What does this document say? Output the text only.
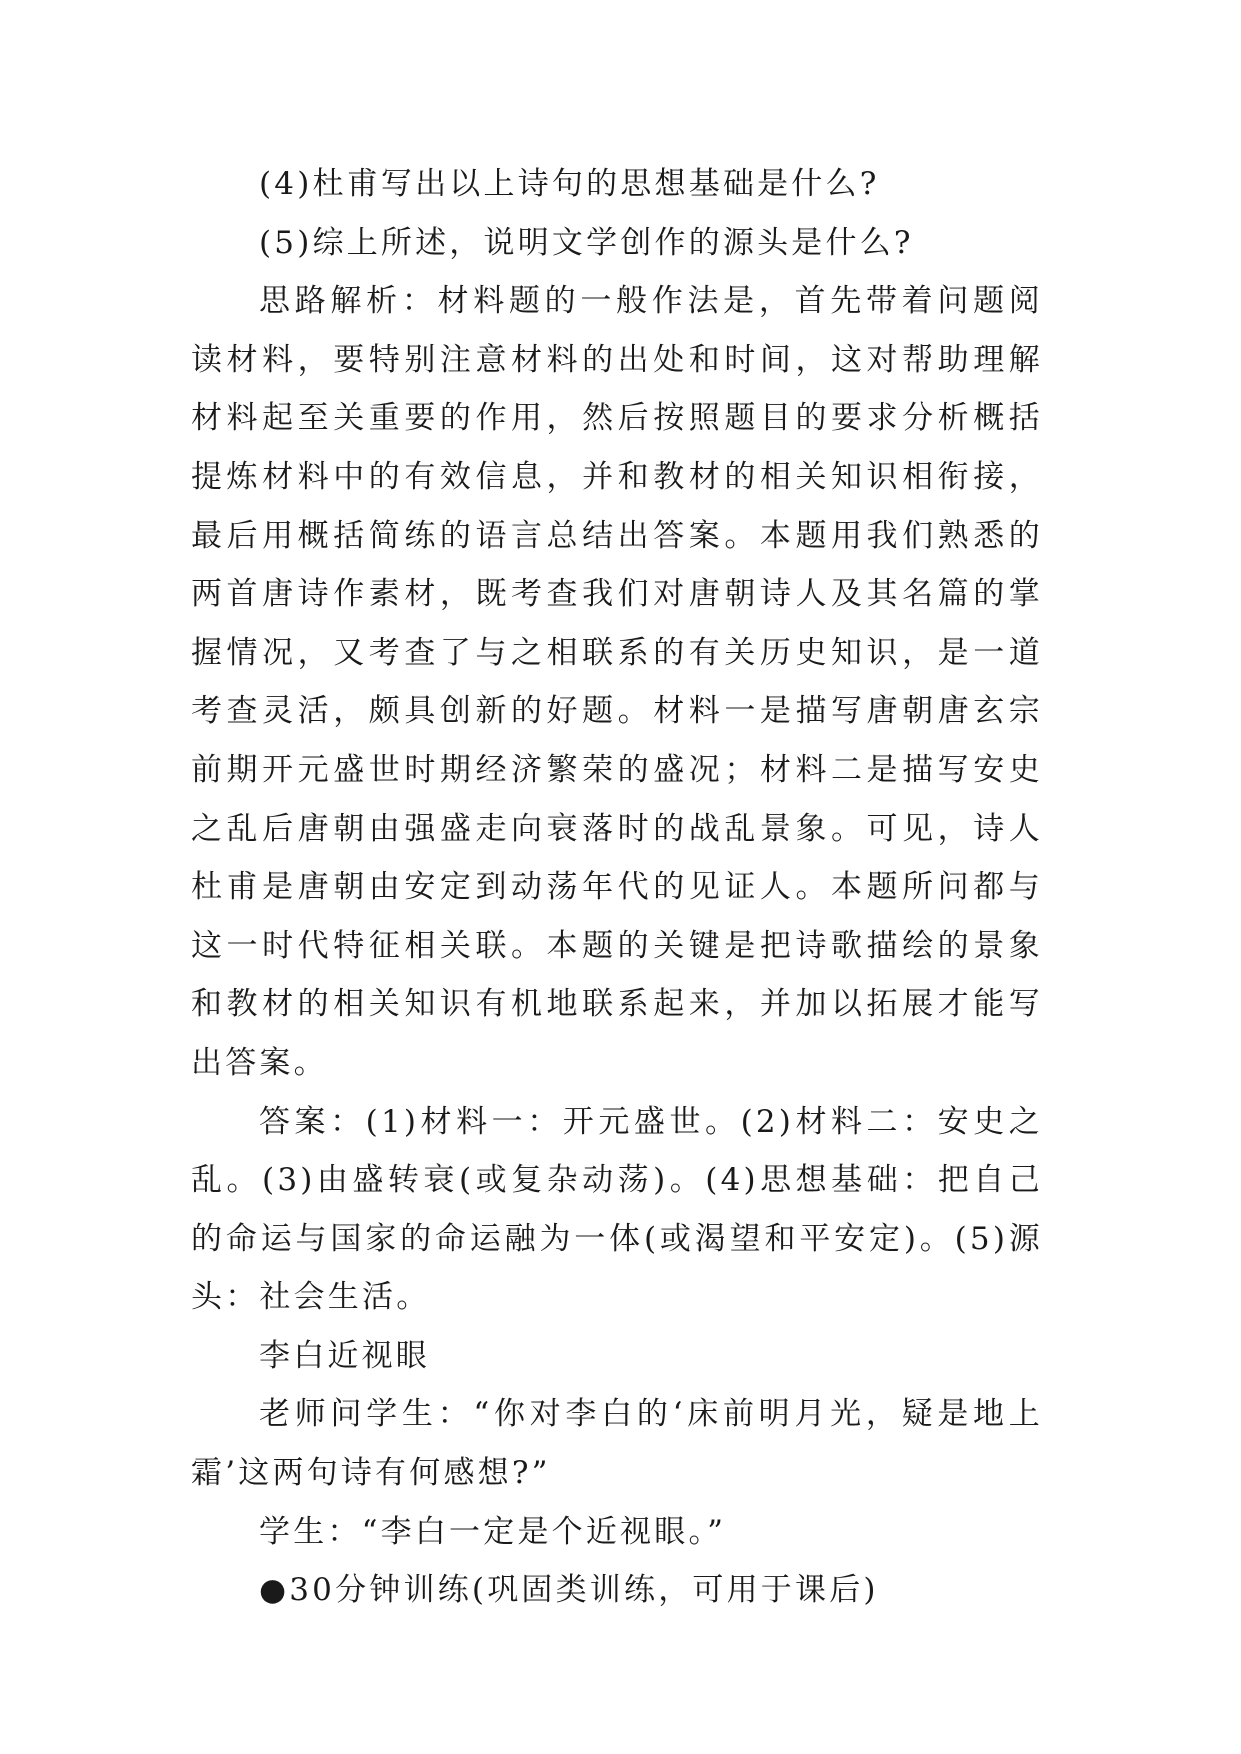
(4)杜甫写出以上诗句的思想基础是什么?

(5)综上所述，说明文学创作的源头是什么?

思路解析：材料题的一般作法是，首先带着问题阅读材料，要特别注意材料的出处和时间，这对帮助理解材料起至关重要的作用，然后按照题目的要求分析概括提炼材料中的有效信息，并和教材的相关知识相衔接，最后用概括简练的语言总结出答案。本题用我们熟悉的两首唐诗作素材，既考查我们对唐朝诗人及其名篇的掌握情况，又考查了与之相联系的有关历史知识，是一道考查灵活，颇具创新的好题。材料一是描写唐朝唐玄宗前期开元盛世时期经济繁荣的盛况；材料二是描写安史之乱后唐朝由强盛走向衰落时的战乱景象。可见，诗人杜甫是唐朝由安定到动荡年代的见证人。本题所问都与这一时代特征相关联。本题的关键是把诗歌描绘的景象和教材的相关知识有机地联系起来，并加以拓展才能写出答案。

答案：(1)材料一：开元盛世。(2)材料二：安史之乱。(3)由盛转衰(或复杂动荡)。(4)思想基础：把自己的命运与国家的命运融为一体(或渴望和平安定)。(5)源头：社会生活。

李白近视眼

老师问学生：“你对李白的‘床前明月光，疑是地上霜’这两句诗有何感想?”

学生：“李白一定是个近视眼。”

●30分钟训练(巩固类训练，可用于课后)
